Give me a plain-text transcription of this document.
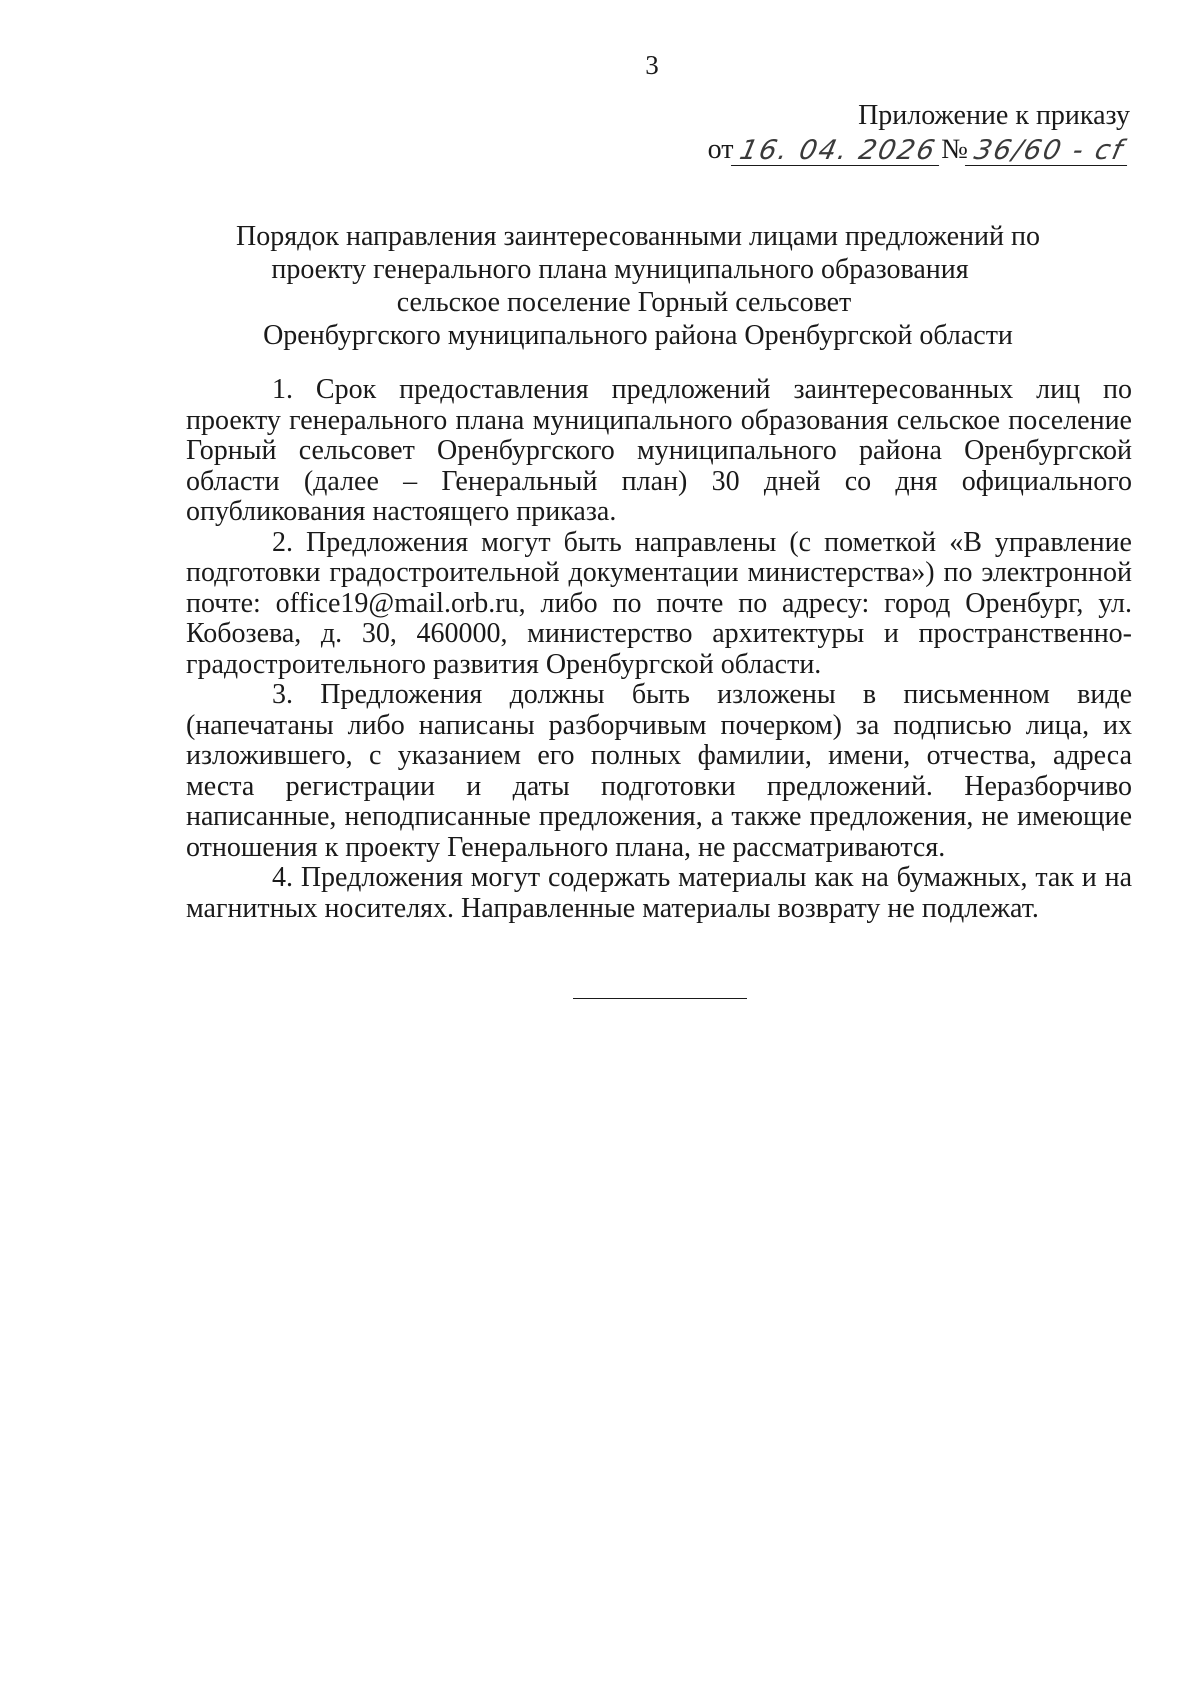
3
Приложение к приказу
от 16. 04. 2026 № 36/60 - сf
Порядок направления заинтересованными лицами предложений по
проекту генерального плана муниципального образования
сельское поселение Горный сельсовет
Оренбургского муниципального района Оренбургской области

1. Срок предоставления предложений заинтересованных лиц по проекту генерального плана муниципального образования сельское поселение Горный сельсовет Оренбургского муниципального района Оренбургской области (далее – Генеральный план) 30 дней со дня официального опубликования настоящего приказа.

2. Предложения могут быть направлены (с пометкой «В управление подготовки градостроительной документации министерства») по электронной почте: office19@mail.orb.ru, либо по почте по адресу: город Оренбург, ул. Кобозева, д. 30, 460000, министерство архитектуры и пространственно-градостроительного развития Оренбургской области.

3. Предложения должны быть изложены в письменном виде (напечатаны либо написаны разборчивым почерком) за подписью лица, их изложившего, с указанием его полных фамилии, имени, отчества, адреса места регистрации и даты подготовки предложений. Неразборчиво написанные, неподписанные предложения, а также предложения, не имеющие отношения к проекту Генерального плана, не рассматриваются.

4. Предложения могут содержать материалы как на бумажных, так и на магнитных носителях. Направленные материалы возврату не подлежат.
